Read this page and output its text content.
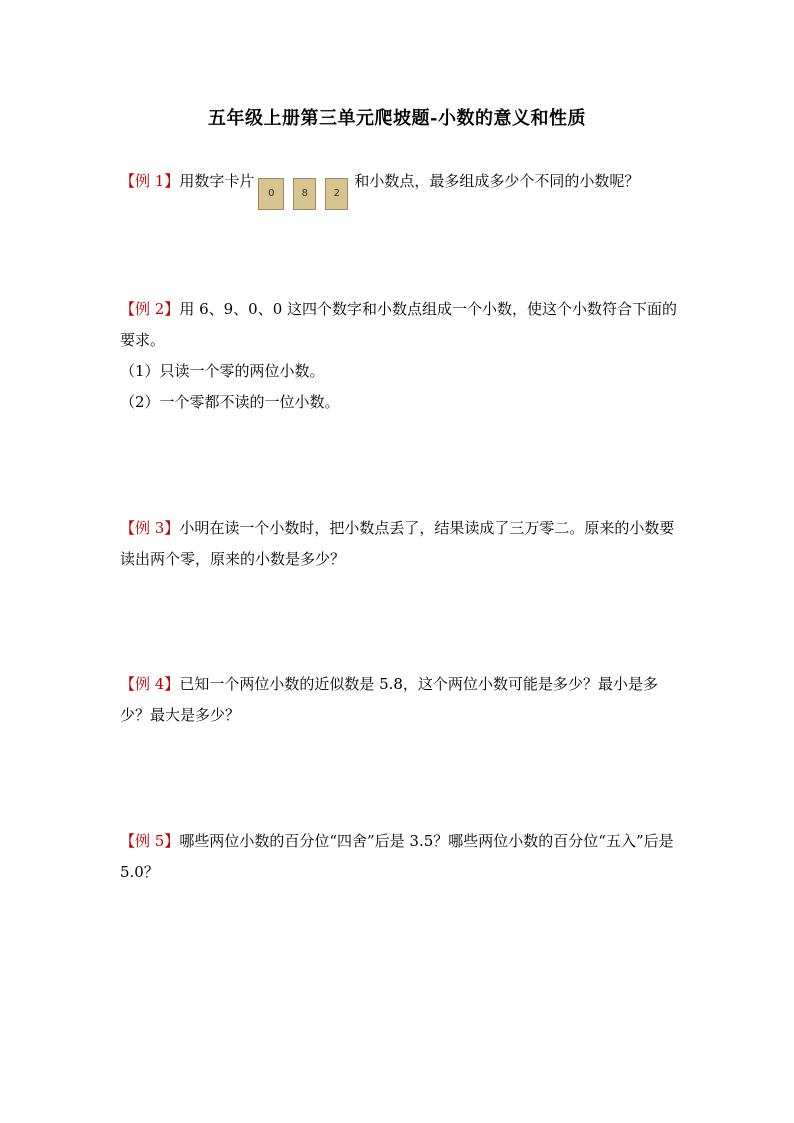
五年级上册第三单元爬坡题-小数的意义和性质
【例 1】用数字卡片
0	8	2
和小数点，最多组成多少个不同的小数呢？
【例 2】用 6、9、0、0 这四个数字和小数点组成一个小数，使这个小数符合下面的要求。
（1）只读一个零的两位小数。
（2）一个零都不读的一位小数。
【例 3】小明在读一个小数时，把小数点丢了，结果读成了三万零二。原来的小数要读出两个零，原来的小数是多少？
【例 4】已知一个两位小数的近似数是 5.8，这个两位小数可能是多少？最小是多少？最大是多少？
【例 5】哪些两位小数的百分位“四舍”后是 3.5？哪些两位小数的百分位“五入”后是 5.0？
